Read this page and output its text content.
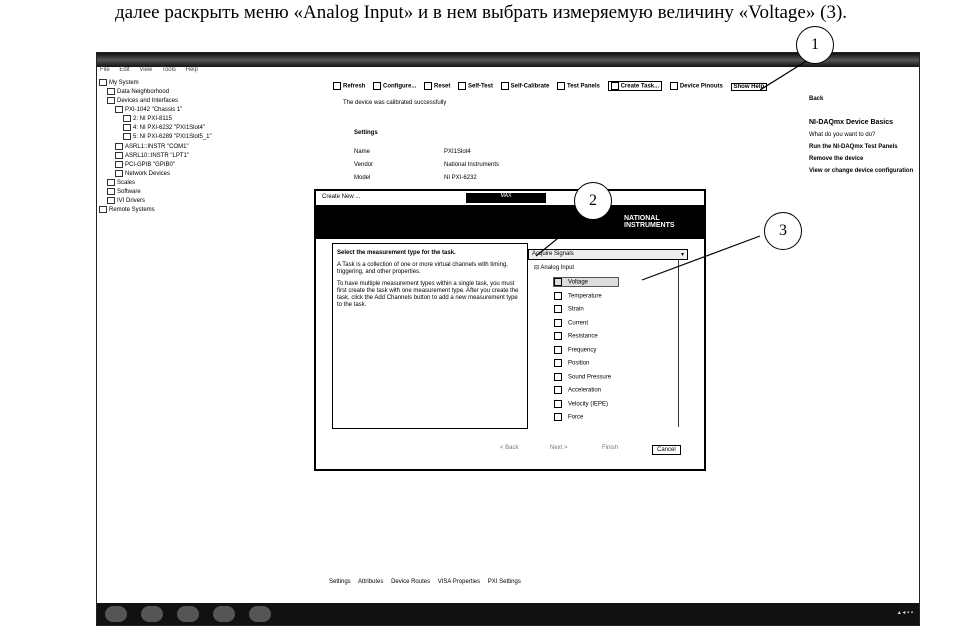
далее раскрыть меню «Analog Input» и в нем выбрать измеряемую величину «Voltage» (3).
File Edit View Tools Help
My System
Data Neighborhood
Devices and Interfaces
PXI-1042 "Chassis 1"
2: NI PXI-8115
4: NI PXI-6232 "PXI1Slot4"
5: NI PXI-6289 "PXI1Slot5_1"
ASRL1::INSTR "COM1"
ASRL10::INSTR "LPT1"
PCI-GPIB "GPIB0"
Network Devices
Scales
Software
IVI Drivers
Remote Systems
Refresh	Configure...	Reset	Self-Test	Self-Calibrate	Test Panels	Create Task...	Device Pinouts Show Help
The device was calibrated successfully
Settings
Name	PXI1Slot4
Vendor	National Instruments
Model	NI PXI-6232
Back
NI-DAQmx Device Basics
What do you want to do?
Run the NI-DAQmx Test Panels
Remove the device
View or change device configuration
Settings Attributes Device Routes VISA Properties PXI Settings
▴ ◂ ▪ ▪
Create New ...	MAX
NATIONAL
INSTRUMENTS

Select the measurement type for the task.

A Task is a collection of one or more virtual channels with timing, triggering, and other properties.

To have multiple measurement types within a single task, you must first create the task with one measurement type. After you create the task, click the Add Channels button to add a new measurement type to the task.

Acquire Signals	▾
⊟ Analog Input
Voltage
Temperature
Strain
Current
Resistance
Frequency
Position
Sound Pressure
Acceleration
Velocity (IEPE)
Force
< Back	Next >	Finish	Cancel
1
2
3
